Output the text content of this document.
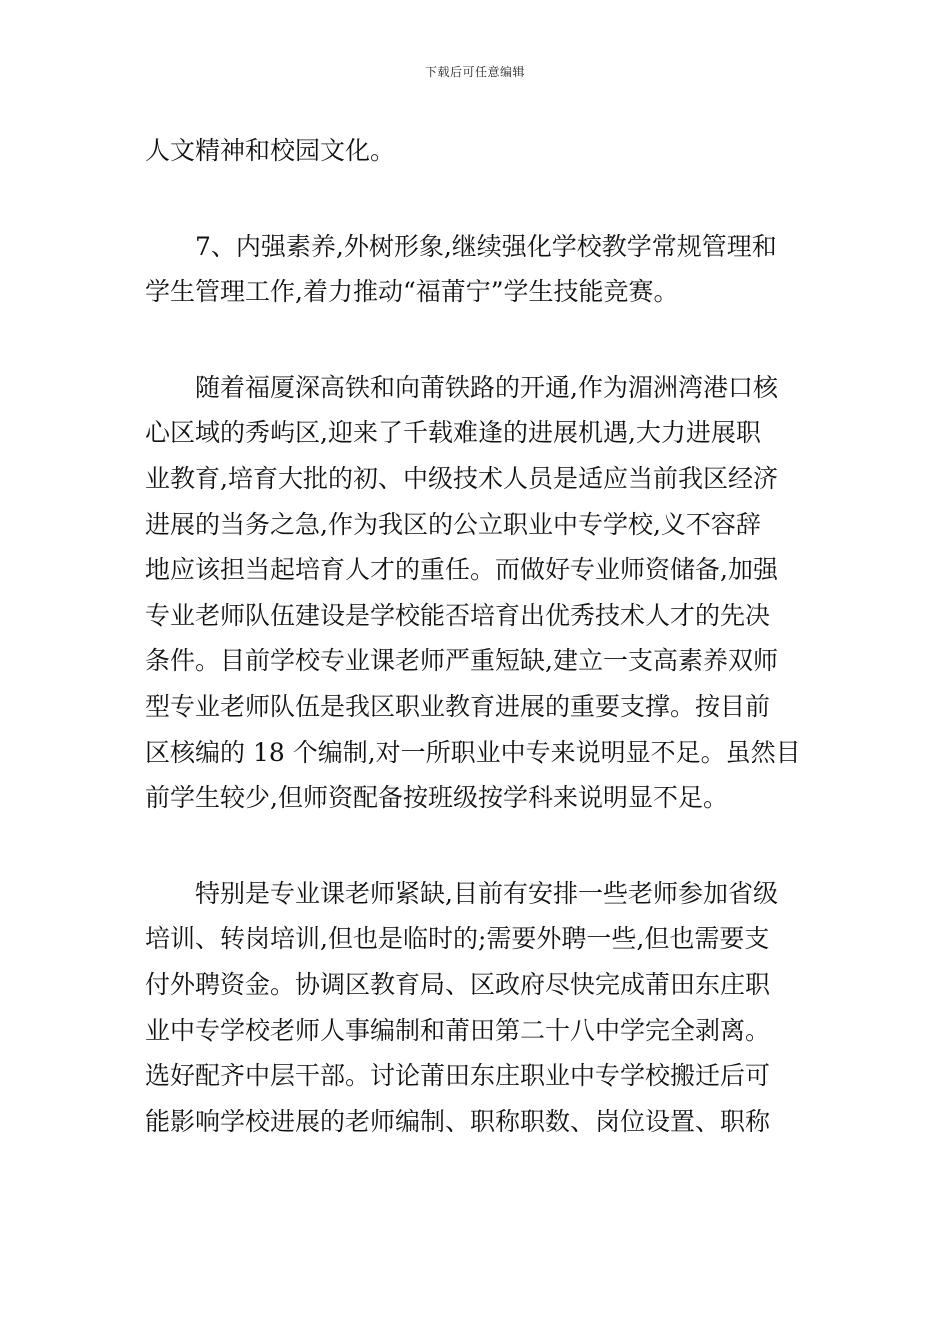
下载后可任意编辑
人文精神和校园文化。
7、内强素养,外树形象,继续强化学校教学常规管理和
学生管理工作,着力推动“福莆宁”学生技能竞赛。
随着福厦深高铁和向莆铁路的开通,作为湄洲湾港口核
心区域的秀屿区,迎来了千载难逢的进展机遇,大力进展职
业教育,培育大批的初、中级技术人员是适应当前我区经济
进展的当务之急,作为我区的公立职业中专学校,义不容辞
地应该担当起培育人才的重任。而做好专业师资储备,加强
专业老师队伍建设是学校能否培育出优秀技术人才的先决
条件。目前学校专业课老师严重短缺,建立一支高素养双师
型专业老师队伍是我区职业教育进展的重要支撑。按目前
区核编的 18 个编制,对一所职业中专来说明显不足。虽然目
前学生较少,但师资配备按班级按学科来说明显不足。
特别是专业课老师紧缺,目前有安排一些老师参加省级
培训、转岗培训,但也是临时的;需要外聘一些,但也需要支
付外聘资金。协调区教育局、区政府尽快完成莆田东庄职
业中专学校老师人事编制和莆田第二十八中学完全剥离。
选好配齐中层干部。讨论莆田东庄职业中专学校搬迁后可
能影响学校进展的老师编制、职称职数、岗位设置、职称
